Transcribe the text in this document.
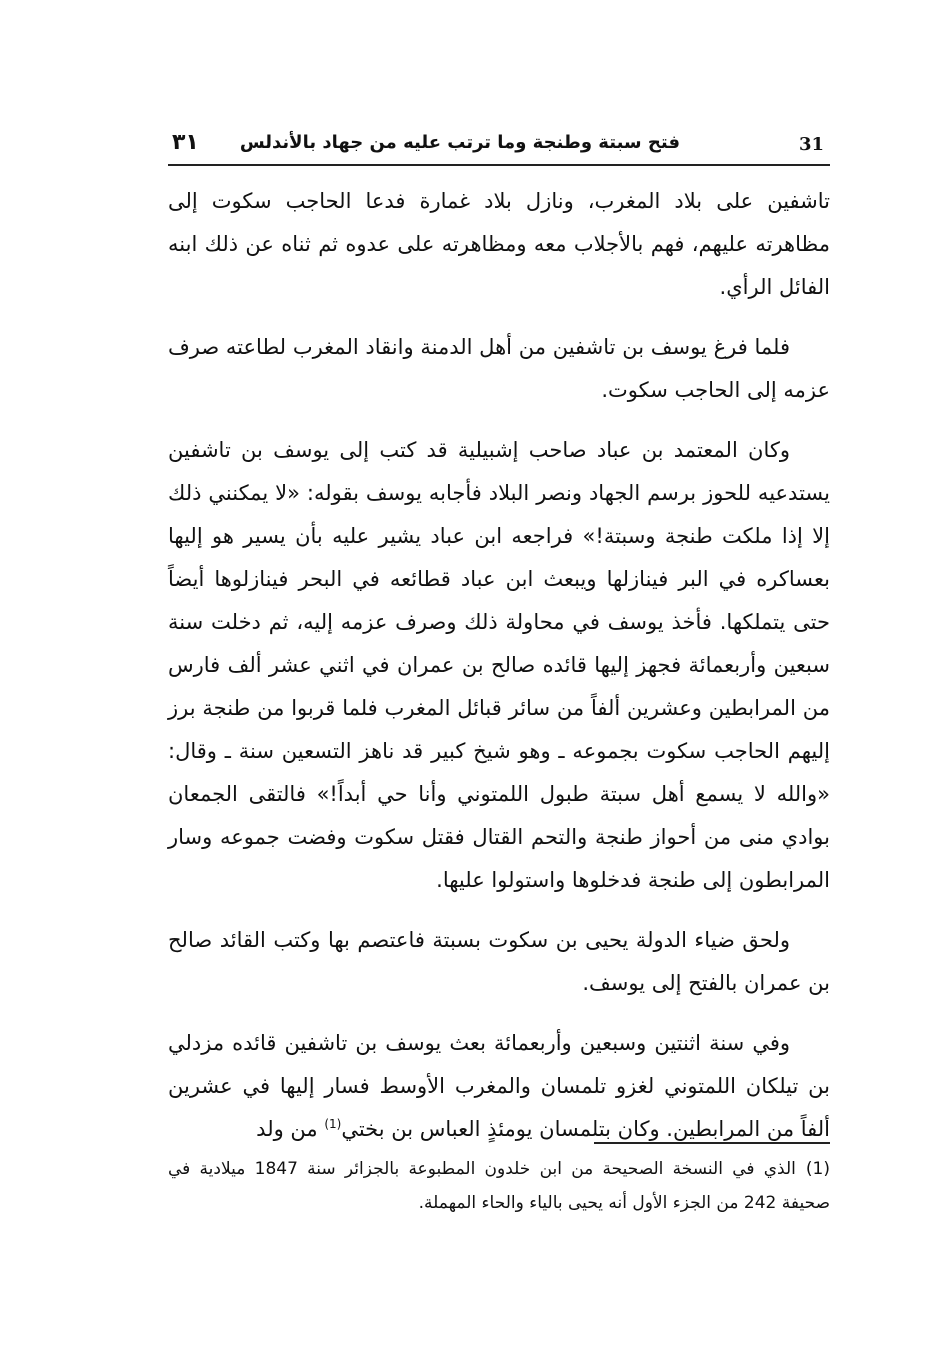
31
فتح سبتة وطنجة وما ترتب عليه من جهاد بالأندلس
٣١

تاشفين على بلاد المغرب، ونازل بلاد غمارة فدعا الحاجب سكوت إلى مظاهرته عليهم، فهم بالأجلاب معه ومظاهرته على عدوه ثم ثناه عن ذلك ابنه الفائل الرأي.

فلما فرغ يوسف بن تاشفين من أهل الدمنة وانقاد المغرب لطاعته صرف عزمه إلى الحاجب سكوت.

وكان المعتمد بن عباد صاحب إشبيلية قد كتب إلى يوسف بن تاشفين يستدعيه للحوز برسم الجهاد ونصر البلاد فأجابه يوسف بقوله: «لا يمكنني ذلك إلا إذا ملكت طنجة وسبتة!» فراجعه ابن عباد يشير عليه بأن يسير هو إليها بعساكره في البر فينازلها ويبعث ابن عباد قطائعه في البحر فينازلوها أيضاً حتى يتملكها. فأخذ يوسف في محاولة ذلك وصرف عزمه إليه، ثم دخلت سنة سبعين وأربعمائة فجهز إليها قائده صالح بن عمران في اثني عشر ألف فارس من المرابطين وعشرين ألفاً من سائر قبائل المغرب فلما قربوا من طنجة برز إليهم الحاجب سكوت بجموعه ـ وهو شيخ كبير قد ناهز التسعين سنة ـ وقال: «والله لا يسمع أهل سبتة طبول اللمتوني وأنا حي أبداً!» فالتقى الجمعان بوادي منى من أحواز طنجة والتحم القتال فقتل سكوت وفضت جموعه وسار المرابطون إلى طنجة فدخلوها واستولوا عليها.

ولحق ضياء الدولة يحيى بن سكوت بسبتة فاعتصم بها وكتب القائد صالح بن عمران بالفتح إلى يوسف.

وفي سنة اثنتين وسبعين وأربعمائة بعث يوسف بن تاشفين قائده مزدلي بن تيلكان اللمتوني لغزو تلمسان والمغرب الأوسط فسار إليها في عشرين ألفاً من المرابطين. وكان بتلمسان يومئذٍ العباس بن بختي$^{(1)}$ من ولد

(1)الذي في النسخة الصحيحة من ابن خلدون المطبوعة بالجزائر سنة 1847 ميلادية في صحيفة 242 من الجزء الأول أنه يحيى بالياء والحاء المهملة.
